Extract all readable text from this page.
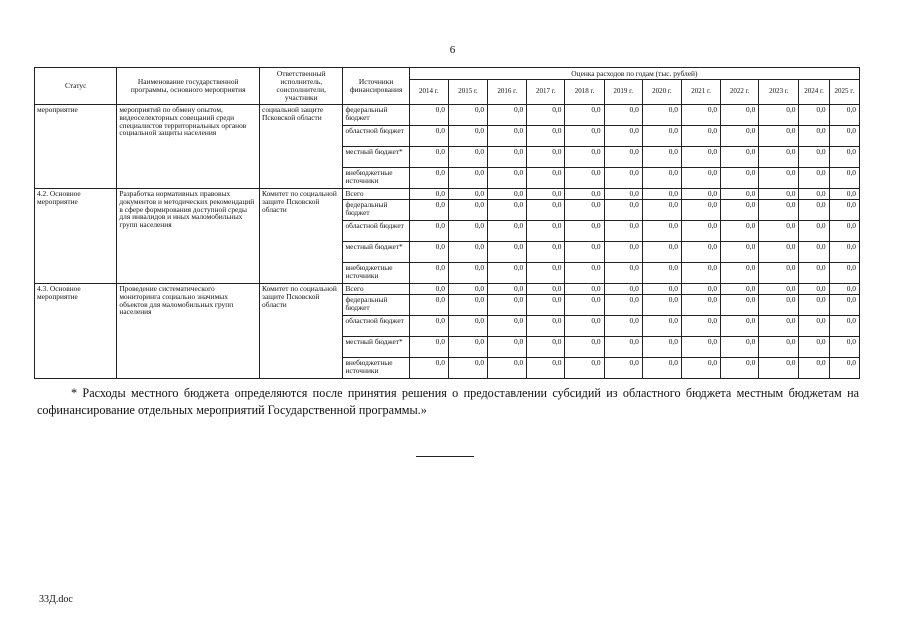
6
Статус	Наименование государственной программы, основного мероприятия	Ответственный исполнитель, соисполнители, участники	Источники финансирования	Оценка расходов по годам (тыс. рублей)											
				2014 г.	2015 г.	2016 г.	2017 г.	2018 г.	2019 г.	2020 г.	2021 г.	2022 г.	2023 г.	2024 г.	2025 г.
мероприятие	мероприятий по обмену опытом, видеоселекторных совещаний среди специалистов территориальных органов социальной защиты населения	социальной защите Псковской области	федеральный бюджет	0,0	0,0	0,0	0,0	0,0	0,0	0,0	0,0	0,0	0,0	0,0	0,0
			областной бюджет	0,0	0,0	0,0	0,0	0,0	0,0	0,0	0,0	0,0	0,0	0,0	0,0
			местный бюджет*	0,0	0,0	0,0	0,0	0,0	0,0	0,0	0,0	0,0	0,0	0,0	0,0
			внебюджетные источники	0,0	0,0	0,0	0,0	0,0	0,0	0,0	0,0	0,0	0,0	0,0	0,0
4.2. Основное мероприятие	Разработка нормативных правовых документов и методических рекомендаций в сфере формирования доступной среды для инвалидов и иных маломобильных групп населения	Комитет по социальной защите Псковской области	Всего	0,0	0,0	0,0	0,0	0,0	0,0	0,0	0,0	0,0	0,0	0,0	0,0
			федеральный бюджет	0,0	0,0	0,0	0,0	0,0	0,0	0,0	0,0	0,0	0,0	0,0	0,0
			областной бюджет	0,0	0,0	0,0	0,0	0,0	0,0	0,0	0,0	0,0	0,0	0,0	0,0
			местный бюджет*	0,0	0,0	0,0	0,0	0,0	0,0	0,0	0,0	0,0	0,0	0,0	0,0
			внебюджетные источники	0,0	0,0	0,0	0,0	0,0	0,0	0,0	0,0	0,0	0,0	0,0	0,0
4.3. Основное мероприятие	Проведение систематического мониторинга социально значимых объектов для маломобильных групп населения	Комитет по социальной защите Псковской области	Всего	0,0	0,0	0,0	0,0	0,0	0,0	0,0	0,0	0,0	0,0	0,0	0,0
			федеральный бюджет	0,0	0,0	0,0	0,0	0,0	0,0	0,0	0,0	0,0	0,0	0,0	0,0
			областной бюджет	0,0	0,0	0,0	0,0	0,0	0,0	0,0	0,0	0,0	0,0	0,0	0,0
			местный бюджет*	0,0	0,0	0,0	0,0	0,0	0,0	0,0	0,0	0,0	0,0	0,0	0,0
			внебюджетные источники	0,0	0,0	0,0	0,0	0,0	0,0	0,0	0,0	0,0	0,0	0,0	0,0
* Расходы местного бюджета определяются после принятия решения о предоставлении субсидий из областного бюджета местным бюджетам на софинансирование отдельных мероприятий Государственной программы.»
33Д.doc
